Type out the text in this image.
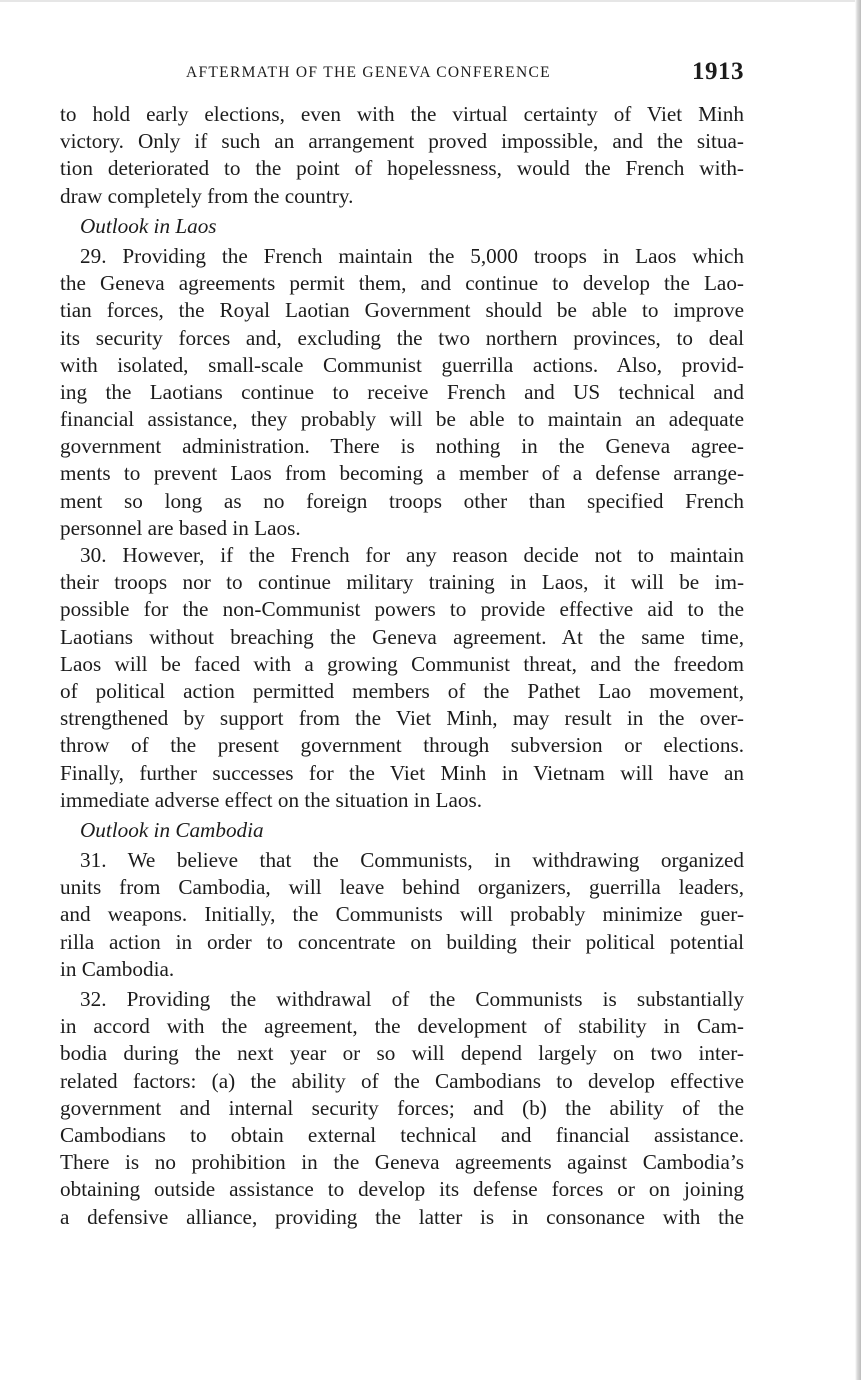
AFTERMATH OF THE GENEVA CONFERENCE	1913
to hold early elections, even with the virtual certainty of Viet Minh
victory. Only if such an arrangement proved impossible, and the situa-
tion deteriorated to the point of hopelessness, would the French with-
draw completely from the country.
Outlook in Laos
29. Providing the French maintain the 5,000 troops in Laos which
the Geneva agreements permit them, and continue to develop the Lao-
tian forces, the Royal Laotian Government should be able to improve
its security forces and, excluding the two northern provinces, to deal
with isolated, small-scale Communist guerrilla actions. Also, provid-
ing the Laotians continue to receive French and US technical and
financial assistance, they probably will be able to maintain an adequate
government administration. There is nothing in the Geneva agree-
ments to prevent Laos from becoming a member of a defense arrange-
ment so long as no foreign troops other than specified French
personnel are based in Laos.
30. However, if the French for any reason decide not to maintain
their troops nor to continue military training in Laos, it will be im-
possible for the non-Communist powers to provide effective aid to the
Laotians without breaching the Geneva agreement. At the same time,
Laos will be faced with a growing Communist threat, and the freedom
of political action permitted members of the Pathet Lao movement,
strengthened by support from the Viet Minh, may result in the over-
throw of the present government through subversion or elections.
Finally, further successes for the Viet Minh in Vietnam will have an
immediate adverse effect on the situation in Laos.
Outlook in Cambodia
31. We believe that the Communists, in withdrawing organized
units from Cambodia, will leave behind organizers, guerrilla leaders,
and weapons. Initially, the Communists will probably minimize guer-
rilla action in order to concentrate on building their political potential
in Cambodia.
32. Providing the withdrawal of the Communists is substantially
in accord with the agreement, the development of stability in Cam-
bodia during the next year or so will depend largely on two inter-
related factors: (a) the ability of the Cambodians to develop effective
government and internal security forces; and (b) the ability of the
Cambodians to obtain external technical and financial assistance.
There is no prohibition in the Geneva agreements against Cambodia’s
obtaining outside assistance to develop its defense forces or on joining
a defensive alliance, providing the latter is in consonance with the
